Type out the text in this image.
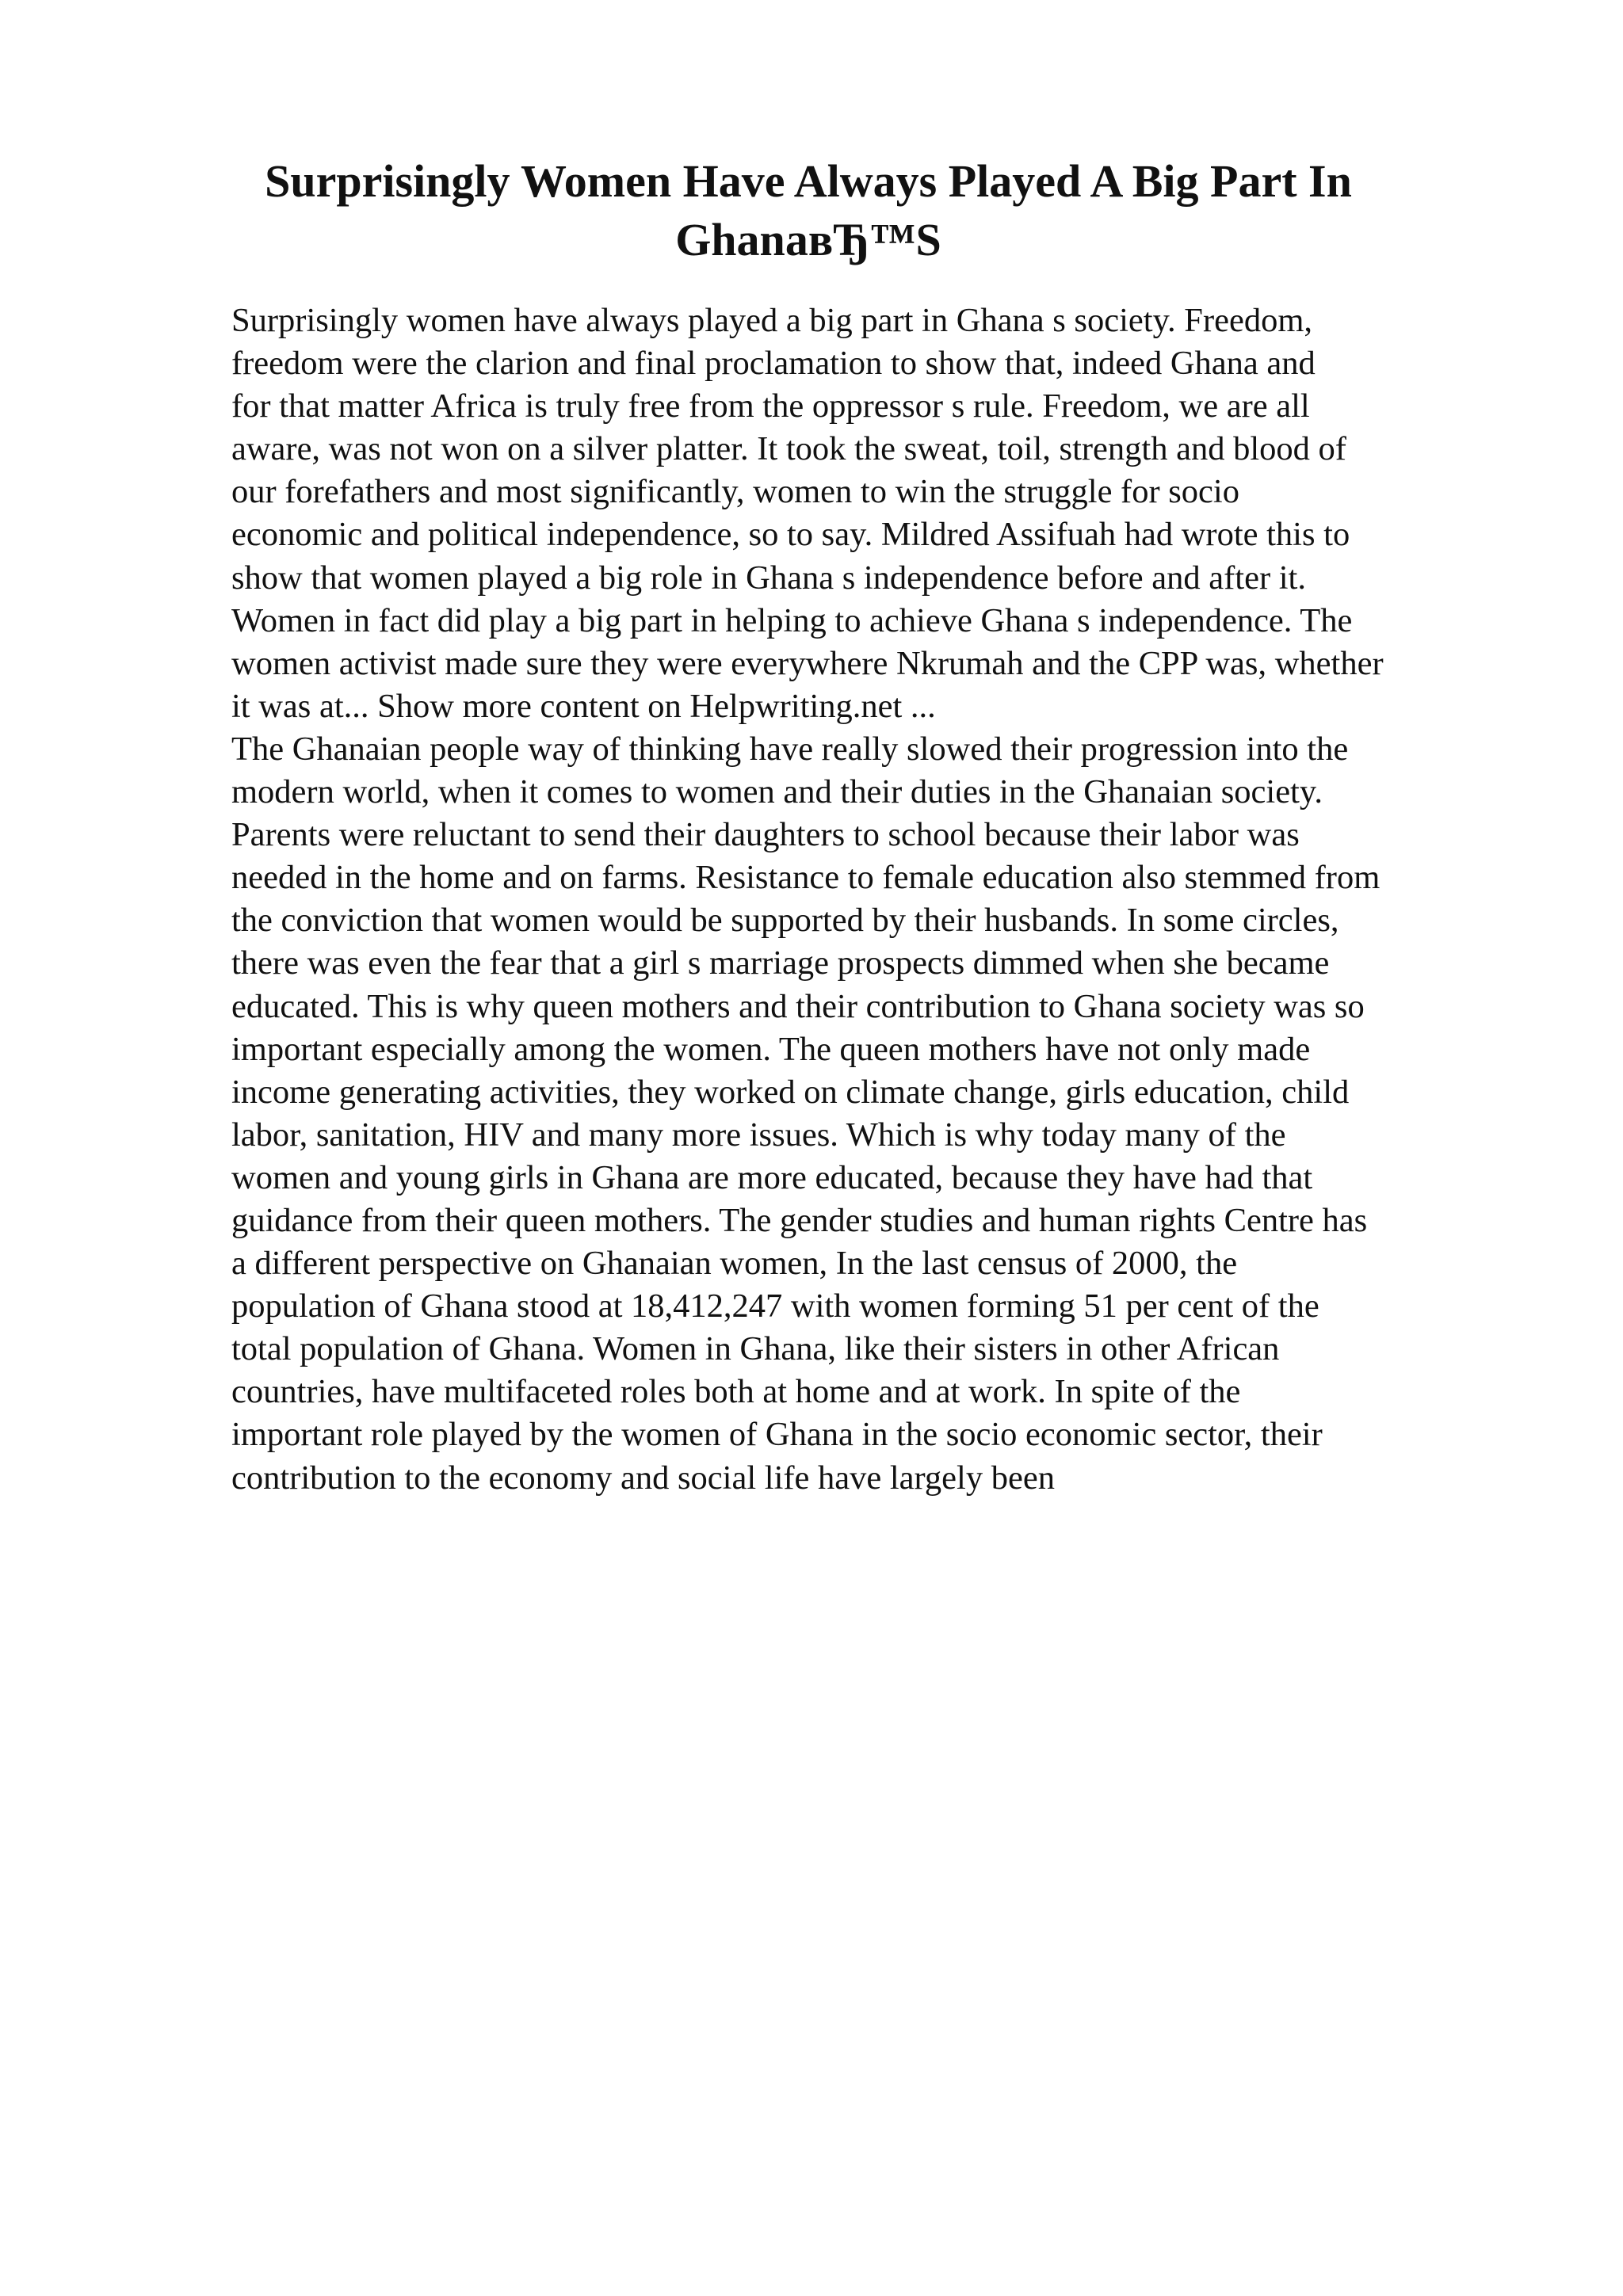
Surprisingly Women Have Always Played A Big Part In GhanaвЂ™S

Surprisingly women have always played a big part in Ghana s society. Freedom,
freedom were the clarion and final proclamation to show that, indeed Ghana and
for that matter Africa is truly free from the oppressor s rule. Freedom, we are all
aware, was not won on a silver platter. It took the sweat, toil, strength and blood of
our forefathers and most significantly, women to win the struggle for socio
economic and political independence, so to say. Mildred Assifuah had wrote this to
show that women played a big role in Ghana s independence before and after it.
Women in fact did play a big part in helping to achieve Ghana s independence. The
women activist made sure they were everywhere Nkrumah and the CPP was, whether
it was at... Show more content on Helpwriting.net ...

The Ghanaian people way of thinking have really slowed their progression into the
modern world, when it comes to women and their duties in the Ghanaian society.
Parents were reluctant to send their daughters to school because their labor was
needed in the home and on farms. Resistance to female education also stemmed from
the conviction that women would be supported by their husbands. In some circles,
there was even the fear that a girl s marriage prospects dimmed when she became
educated. This is why queen mothers and their contribution to Ghana society was so
important especially among the women. The queen mothers have not only made
income generating activities, they worked on climate change, girls education, child
labor, sanitation, HIV and many more issues. Which is why today many of the
women and young girls in Ghana are more educated, because they have had that
guidance from their queen mothers. The gender studies and human rights Centre has
a different perspective on Ghanaian women, In the last census of 2000, the
population of Ghana stood at 18,412,247 with women forming 51 per cent of the
total population of Ghana. Women in Ghana, like their sisters in other African
countries, have multifaceted roles both at home and at work. In spite of the
important role played by the women of Ghana in the socio economic sector, their
contribution to the economy and social life have largely been
